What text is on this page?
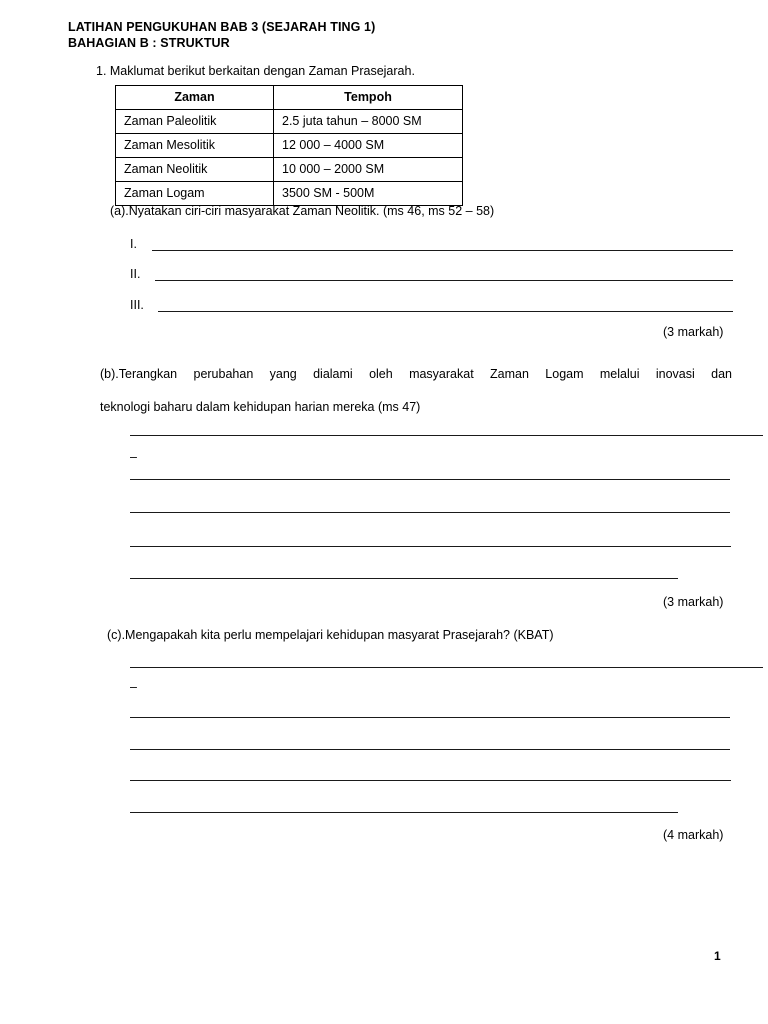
LATIHAN PENGUKUHAN BAB 3 (SEJARAH TING 1)
BAHAGIAN B : STRUKTUR
1. Maklumat berikut berkaitan dengan Zaman Prasejarah.
Zaman	Tempoh
Zaman Paleolitik	2.5 juta tahun – 8000 SM
Zaman Mesolitik	12 000 – 4000 SM
Zaman Neolitik	10 000 – 2000 SM
Zaman Logam	3500 SM - 500M
(a).Nyatakan ciri-ciri masyarakat Zaman Neolitik. (ms 46, ms 52 – 58)
I.
II.
III.
(3 markah)
(b).Terangkan perubahan yang dialami oleh masyarakat Zaman Logam melalui inovasi dan
teknologi baharu dalam kehidupan harian mereka (ms 47)
–
(3 markah)
(c).Mengapakah kita perlu mempelajari kehidupan masyarat Prasejarah? (KBAT)
–
(4 markah)
1
